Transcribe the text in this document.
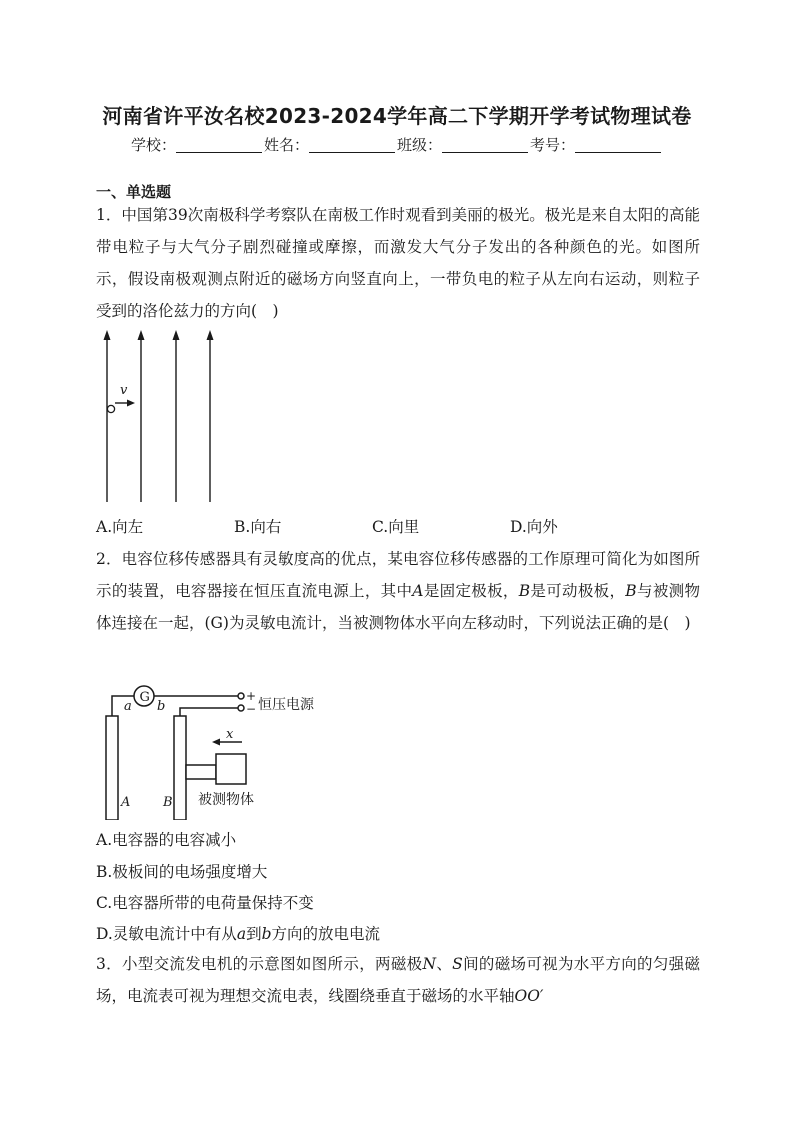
河南省许平汝名校2023-2024学年高二下学期开学考试物理试卷
学校：	姓名：	班级：	考号：
一、单选题

1．中国第39次南极科学考察队在南极工作时观看到美丽的极光。极光是来自太阳的高能带电粒子与大气分子剧烈碰撞或摩擦，而激发大气分子发出的各种颜色的光。如图所示，假设南极观测点附近的磁场方向竖直向上，一带负电的粒子从左向右运动，则粒子受到的洛伦兹力的方向(　)

v
A.向左	B.向右	C.向里	D.向外

2．电容位移传感器具有灵敏度高的优点，某电容位移传感器的工作原理可简化为如图所示的装置，电容器接在恒压直流电源上，其中A是固定极板，B是可动极板，B与被测物体连接在一起，(G)为灵敏电流计，当被测物体水平向左移动时，下列说法正确的是(　)

G
a b
+
− 恒压电源
x
被测物体
A	B
A.电容器的电容减小
B.极板间的电场强度增大
C.电容器所带的电荷量保持不变
D.灵敏电流计中有从a到b方向的放电电流

3．小型交流发电机的示意图如图所示，两磁极N、S间的磁场可视为水平方向的匀强磁场，电流表可视为理想交流电表，线圈绕垂直于磁场的水平轴OO′
